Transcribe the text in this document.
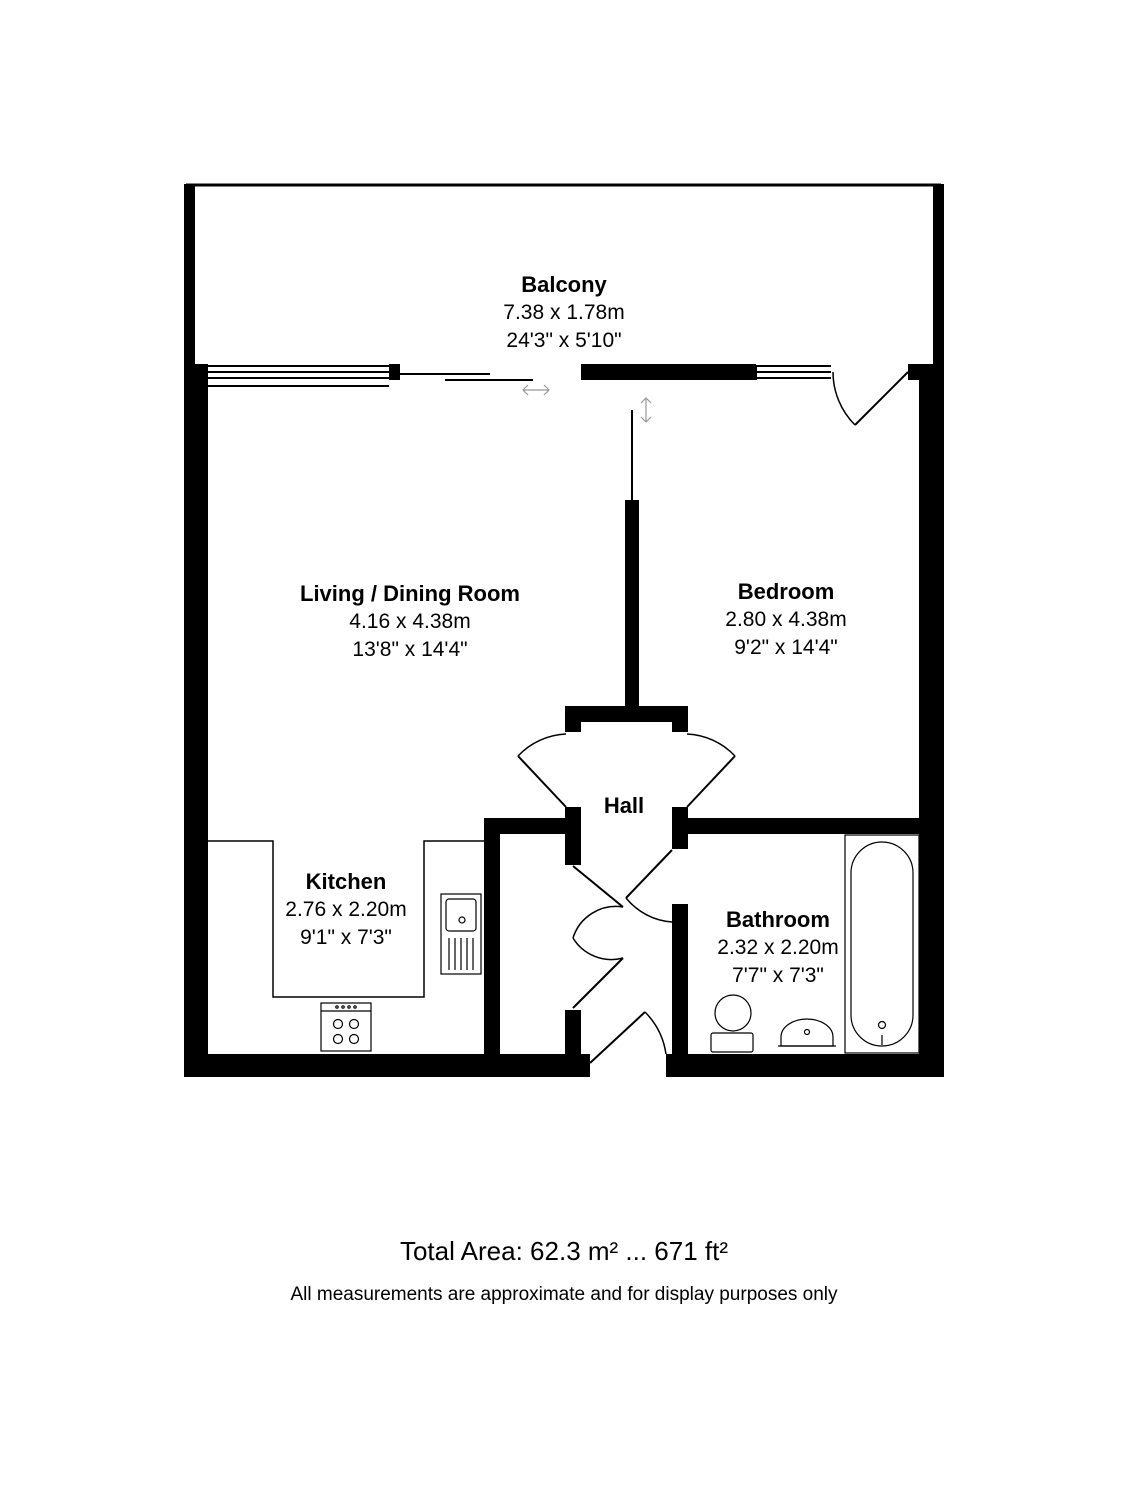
Balcony
7.38 x 1.78m
24'3" x 5'10"
Living / Dining Room
4.16 x 4.38m
13'8" x 14'4"
Bedroom
2.80 x 4.38m
9'2" x 14'4"
Hall
Kitchen
2.76 x 2.20m
9'1" x 7'3"
Bathroom
2.32 x 2.20m
7'7" x 7'3"
Total Area: 62.3 m² ... 671 ft²
All measurements are approximate and for display purposes only
